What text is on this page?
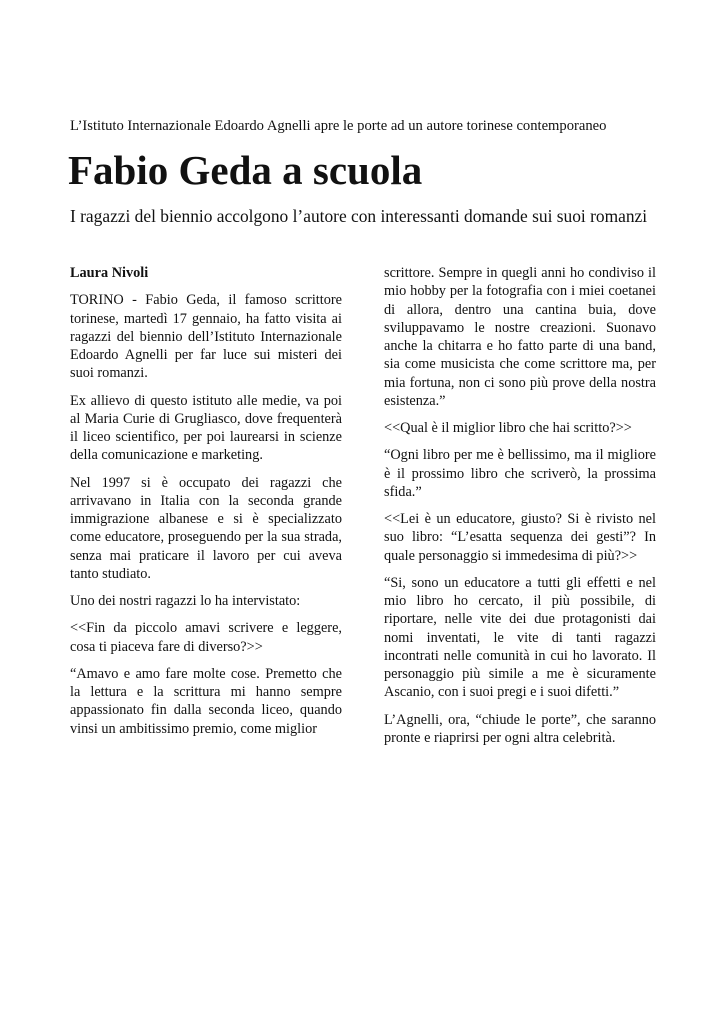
L’Istituto Internazionale Edoardo Agnelli apre le porte ad un autore torinese contemporaneo
Fabio Geda a scuola
I ragazzi del biennio accolgono l’autore con interessanti domande sui suoi romanzi

Laura Nivoli

TORINO - Fabio Geda, il famoso scrittore torinese, martedì 17 gennaio, ha fatto visita ai ragazzi del biennio dell’Istituto Internazionale Edoardo Agnelli per far luce sui misteri dei suoi romanzi.

Ex allievo di questo istituto alle medie, va poi al Maria Curie di Grugliasco, dove frequenterà il liceo scientifico, per poi laurearsi in scienze della comunicazione e marketing.

Nel 1997 si è occupato dei ragazzi che arrivavano in Italia con la seconda grande immigrazione albanese e si è specializzato come educatore, proseguendo per la sua strada, senza mai praticare il lavoro per cui aveva tanto studiato.

Uno dei nostri ragazzi lo ha intervistato:

<<Fin da piccolo amavi scrivere e leggere, cosa ti piaceva fare di diverso?>>

“Amavo e amo fare molte cose. Premetto che la lettura e la scrittura mi hanno sempre appassionato fin dalla seconda liceo, quando vinsi un ambitissimo premio, come miglior

scrittore. Sempre in quegli anni ho condiviso il mio hobby per la fotografia con i miei coetanei di allora, dentro una cantina buia, dove sviluppavamo le nostre creazioni. Suonavo anche la chitarra e ho fatto parte di una band, sia come musicista che come scrittore ma, per mia fortuna, non ci sono più prove della nostra esistenza.”

<<Qual è il miglior libro che hai scritto?>>

“Ogni libro per me è bellissimo, ma il migliore è il prossimo libro che scriverò, la prossima sfida.”

<<Lei è un educatore, giusto? Si è rivisto nel suo libro: “L’esatta sequenza dei gesti”? In quale personaggio si immedesima di più?>>

“Si, sono un educatore a tutti gli effetti e nel mio libro ho cercato, il più possibile, di riportare, nelle vite dei due protagonisti dai nomi inventati, le vite di tanti ragazzi incontrati nelle comunità in cui ho lavorato. Il personaggio più simile a me è sicuramente Ascanio, con i suoi pregi e i suoi difetti.”

L’Agnelli, ora, “chiude le porte”, che saranno pronte e riaprirsi per ogni altra celebrità.
